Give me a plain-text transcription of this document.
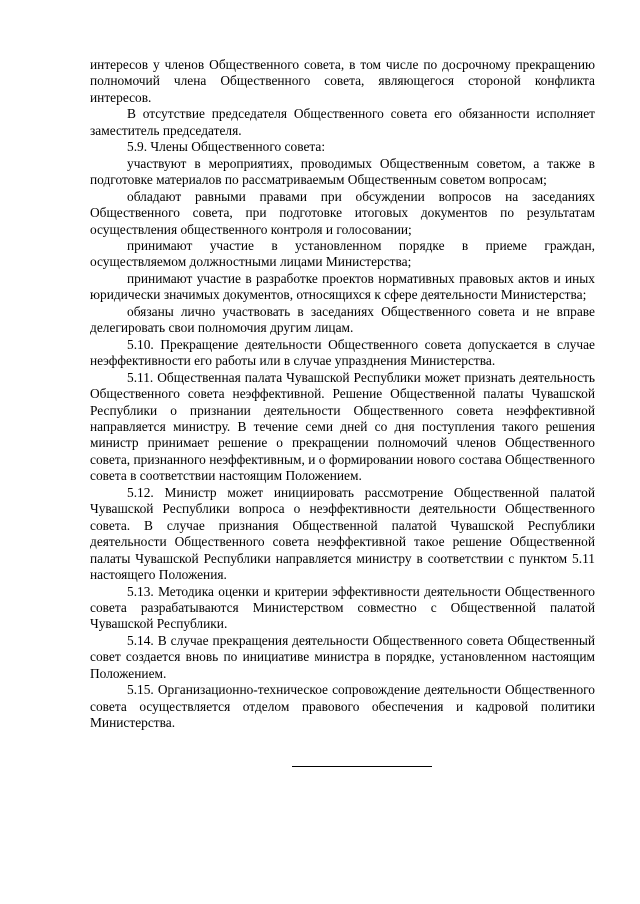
интересов у членов Общественного совета, в том числе по досрочному прекращению полномочий члена Общественного совета, являющегося стороной конфликта интересов.

В отсутствие председателя Общественного совета его обязанности исполняет заместитель председателя.

5.9. Члены Общественного совета:

участвуют в мероприятиях, проводимых Общественным советом, а также в подготовке материалов по рассматриваемым Общественным советом вопросам;

обладают равными правами при обсуждении вопросов на заседаниях Общественного совета, при подготовке итоговых документов по результатам осуществления общественного контроля и голосовании;

принимают участие в установленном порядке в приеме граждан, осуществляемом должностными лицами Министерства;

принимают участие в разработке проектов нормативных правовых актов и иных юридически значимых документов, относящихся к сфере деятельности Министерства;

обязаны лично участвовать в заседаниях Общественного совета и не вправе делегировать свои полномочия другим лицам.

5.10. Прекращение деятельности Общественного совета допускается в случае неэффективности его работы или в случае упразднения Министерства.

5.11. Общественная палата Чувашской Республики может признать деятельность Общественного совета неэффективной. Решение Общественной палаты Чувашской Республики о признании деятельности Общественного совета неэффективной направляется министру. В течение семи дней со дня поступления такого решения министр принимает решение о прекращении полномочий членов Общественного совета, признанного неэффективным, и о формировании нового состава Общественного совета в соответствии настоящим Положением.

5.12. Министр может инициировать рассмотрение Общественной палатой Чувашской Республики вопроса о неэффективности деятельности Общественного совета. В случае признания Общественной палатой Чувашской Республики деятельности Общественного совета неэффективной такое решение Общественной палаты Чувашской Республики направляется министру в соответствии с пунктом 5.11 настоящего Положения.

5.13. Методика оценки и критерии эффективности деятельности Общественного совета разрабатываются Министерством совместно с Общественной палатой Чувашской Республики.

5.14. В случае прекращения деятельности Общественного совета Общественный совет создается вновь по инициативе министра в порядке, установленном настоящим Положением.

5.15. Организационно-техническое сопровождение деятельности Общественного совета осуществляется отделом правового обеспечения и кадровой политики Министерства.
